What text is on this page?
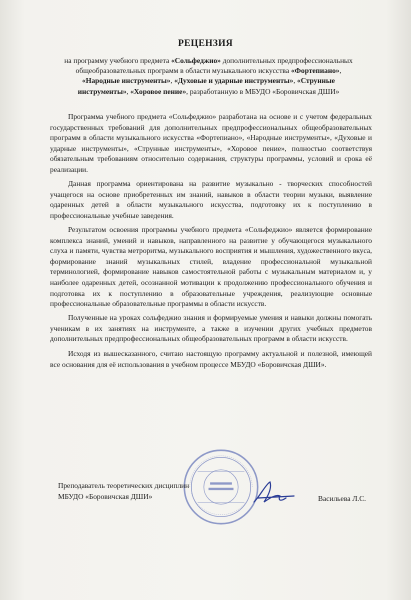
РЕЦЕНЗИЯ
на программу учебного предмета «Сольфеджио» дополнительных предпрофессиональных общеобразовательных программ в области музыкального искусства «Фортепиано», «Народные инструменты», «Духовые и ударные инструменты», «Струнные инструменты», «Хоровое пение», разработанную в МБУДО «Боровичская ДШИ»

Программа учебного предмета «Сольфеджио» разработана на основе и с учетом федеральных государственных требований для дополнительных предпрофессиональных общеобразовательных программ в области музыкального искусства «Фортепиано», «Народные инструменты», «Духовые и ударные инструменты», «Струнные инструменты», «Хоровое пение», полностью соответствуя обязательным требованиям относительно содержания, структуры программы, условий и срока её реализации.

Данная программа ориентирована на развитие музыкально - творческих способностей учащегося на основе приобретенных им знаний, навыков в области теории музыки, выявление одаренных детей в области музыкального искусства, подготовку их к поступлению в профессиональные учебные заведения.

Результатом освоения программы учебного предмета «Сольфеджио» является формирование комплекса знаний, умений и навыков, направленного на развитие у обучающегося музыкального слуха и памяти, чувства метроритма, музыкального восприятия и мышления, художественного вкуса, формирование знаний музыкальных стилей, владение профессиональной музыкальной терминологией, формирование навыков самостоятельной работы с музыкальным материалом и, у наиболее одаренных детей, осознанной мотивации к продолжению профессионального обучения и подготовка их к поступлению в образовательные учреждения, реализующие основные профессиональные образовательные программы в области искусств.

Полученные на уроках сольфеджио знания и формируемые умения и навыки должны помогать ученикам в их занятиях на инструменте, а также в изучении других учебных предметов дополнительных предпрофессиональных общеобразовательных программ в области искусств.

Исходя из вышесказанного, считаю настоящую программу актуальной и полезной, имеющей все основания для её использования в учебном процессе МБУДО «Боровичская ДШИ».

Преподаватель теоретических дисциплин
МБУДО «Боровичская ДШИ»	Васильева Л.С.
